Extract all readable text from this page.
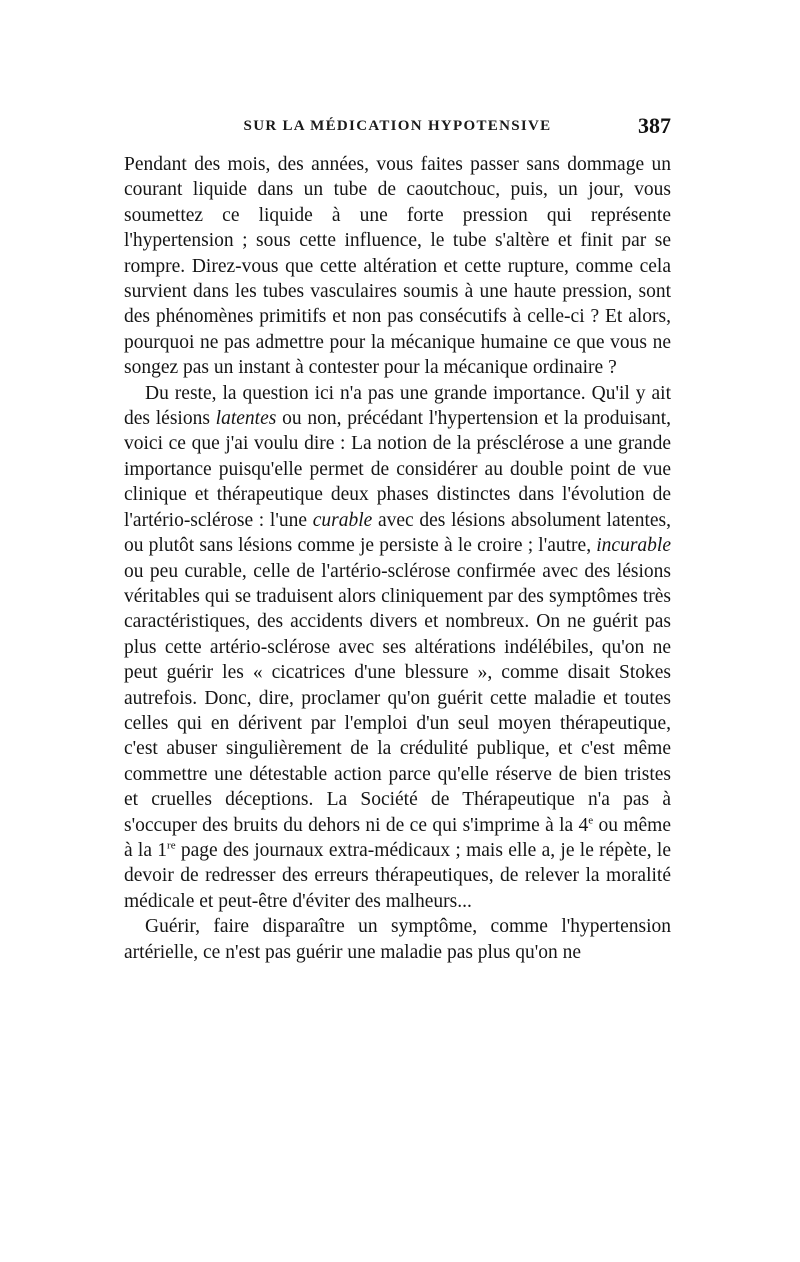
SUR LA MÉDICATION HYPOTENSIVE	387

Pendant des mois, des années, vous faites passer sans dommage un courant liquide dans un tube de caoutchouc, puis, un jour, vous soumettez ce liquide à une forte pression qui représente l'hypertension ; sous cette influence, le tube s'altère et finit par se rompre. Direz-vous que cette altération et cette rupture, comme cela survient dans les tubes vasculaires soumis à une haute pression, sont des phénomènes primitifs et non pas consécutifs à celle-ci ? Et alors, pourquoi ne pas admettre pour la mécanique humaine ce que vous ne songez pas un instant à contester pour la mécanique ordinaire ?

Du reste, la question ici n'a pas une grande importance. Qu'il y ait des lésions latentes ou non, précédant l'hypertension et la produisant, voici ce que j'ai voulu dire : La notion de la présclérose a une grande importance puisqu'elle permet de considérer au double point de vue clinique et thérapeutique deux phases distinctes dans l'évolution de l'artério-sclérose : l'une curable avec des lésions absolument latentes, ou plutôt sans lésions comme je persiste à le croire ; l'autre, incurable ou peu curable, celle de l'artério-sclérose confirmée avec des lésions véritables qui se traduisent alors cliniquement par des symptômes très caractéristiques, des accidents divers et nombreux. On ne guérit pas plus cette artério-sclérose avec ses altérations indélébiles, qu'on ne peut guérir les « cicatrices d'une blessure », comme disait Stokes autrefois. Donc, dire, proclamer qu'on guérit cette maladie et toutes celles qui en dérivent par l'emploi d'un seul moyen thérapeutique, c'est abuser singulièrement de la crédulité publique, et c'est même commettre une détestable action parce qu'elle réserve de bien tristes et cruelles déceptions. La Société de Thérapeutique n'a pas à s'occuper des bruits du dehors ni de ce qui s'imprime à la 4e ou même à la 1re page des journaux extra-médicaux ; mais elle a, je le répète, le devoir de redresser des erreurs thérapeutiques, de relever la moralité médicale et peut-être d'éviter des malheurs...

Guérir, faire disparaître un symptôme, comme l'hypertension artérielle, ce n'est pas guérir une maladie pas plus qu'on ne
